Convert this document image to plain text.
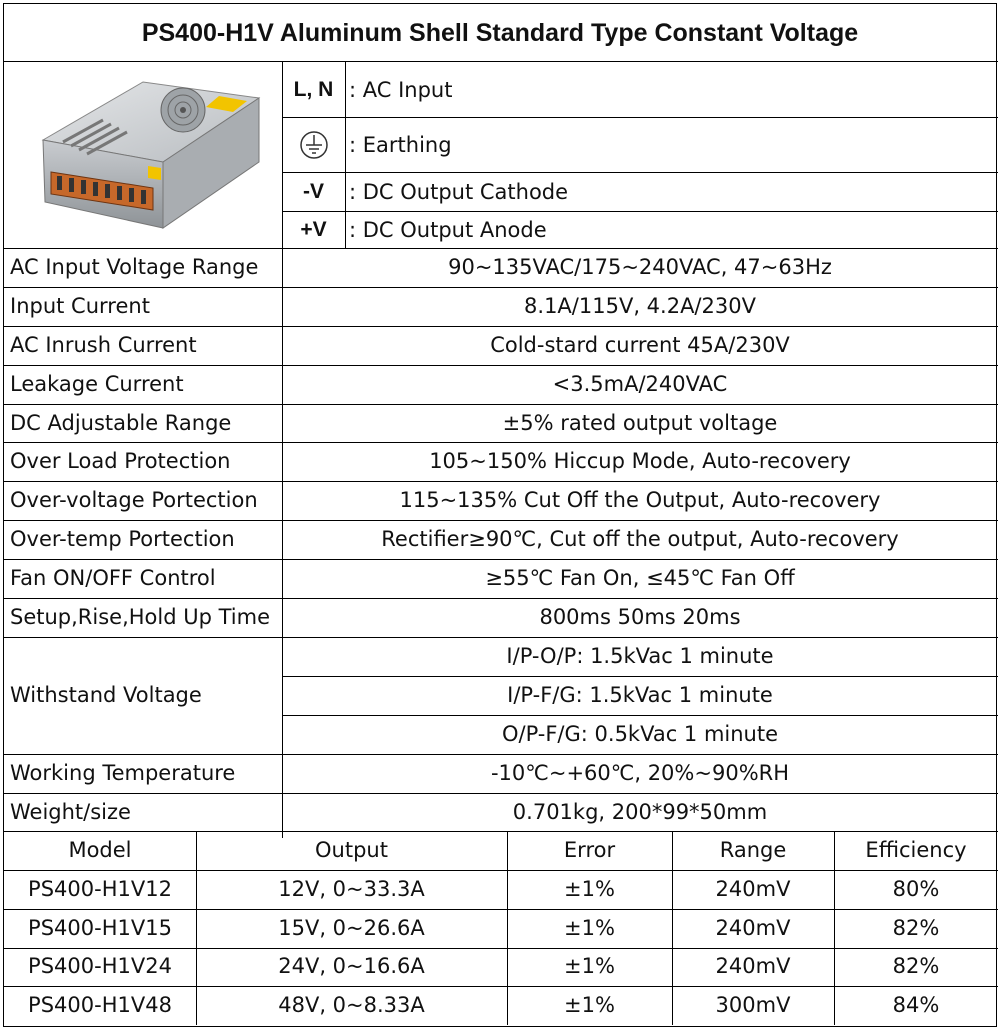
PS400-H1V Aluminum Shell Standard Type Constant Voltage
L, N : AC Input
: Earthing
-V	: DC Output Cathode
+V	: DC Output Anode
AC Input Voltage Range	90~135VAC/175~240VAC, 47~63Hz
Input Current	8.1A/115V, 4.2A/230V
AC Inrush Current	Cold-stard current 45A/230V
Leakage Current	<3.5mA/240VAC
DC Adjustable Range	±5% rated output voltage
Over Load Protection	105~150% Hiccup Mode, Auto-recovery
Over-voltage Portection	115~135% Cut Off the Output, Auto-recovery
Over-temp Portection	Rectifier≥90℃, Cut off the output, Auto-recovery
Fan ON/OFF Control	≥55℃ Fan On, ≤45℃ Fan Off
Setup,Rise,Hold Up Time	800ms 50ms 20ms
Withstand Voltage
I/P-O/P: 1.5kVac 1 minute
I/P-F/G: 1.5kVac 1 minute
O/P-F/G: 0.5kVac 1 minute
Working Temperature	-10℃~+60℃, 20%~90%RH
Weight/size	0.701kg, 200*99*50mm
Model	Output	Error	Range	Efficiency
PS400-H1V12	12V, 0~33.3A	±1%	240mV	80%
PS400-H1V15	15V, 0~26.6A	±1%	240mV	82%
PS400-H1V24	24V, 0~16.6A	±1%	240mV	82%
PS400-H1V48	48V, 0~8.33A	±1%	300mV	84%
